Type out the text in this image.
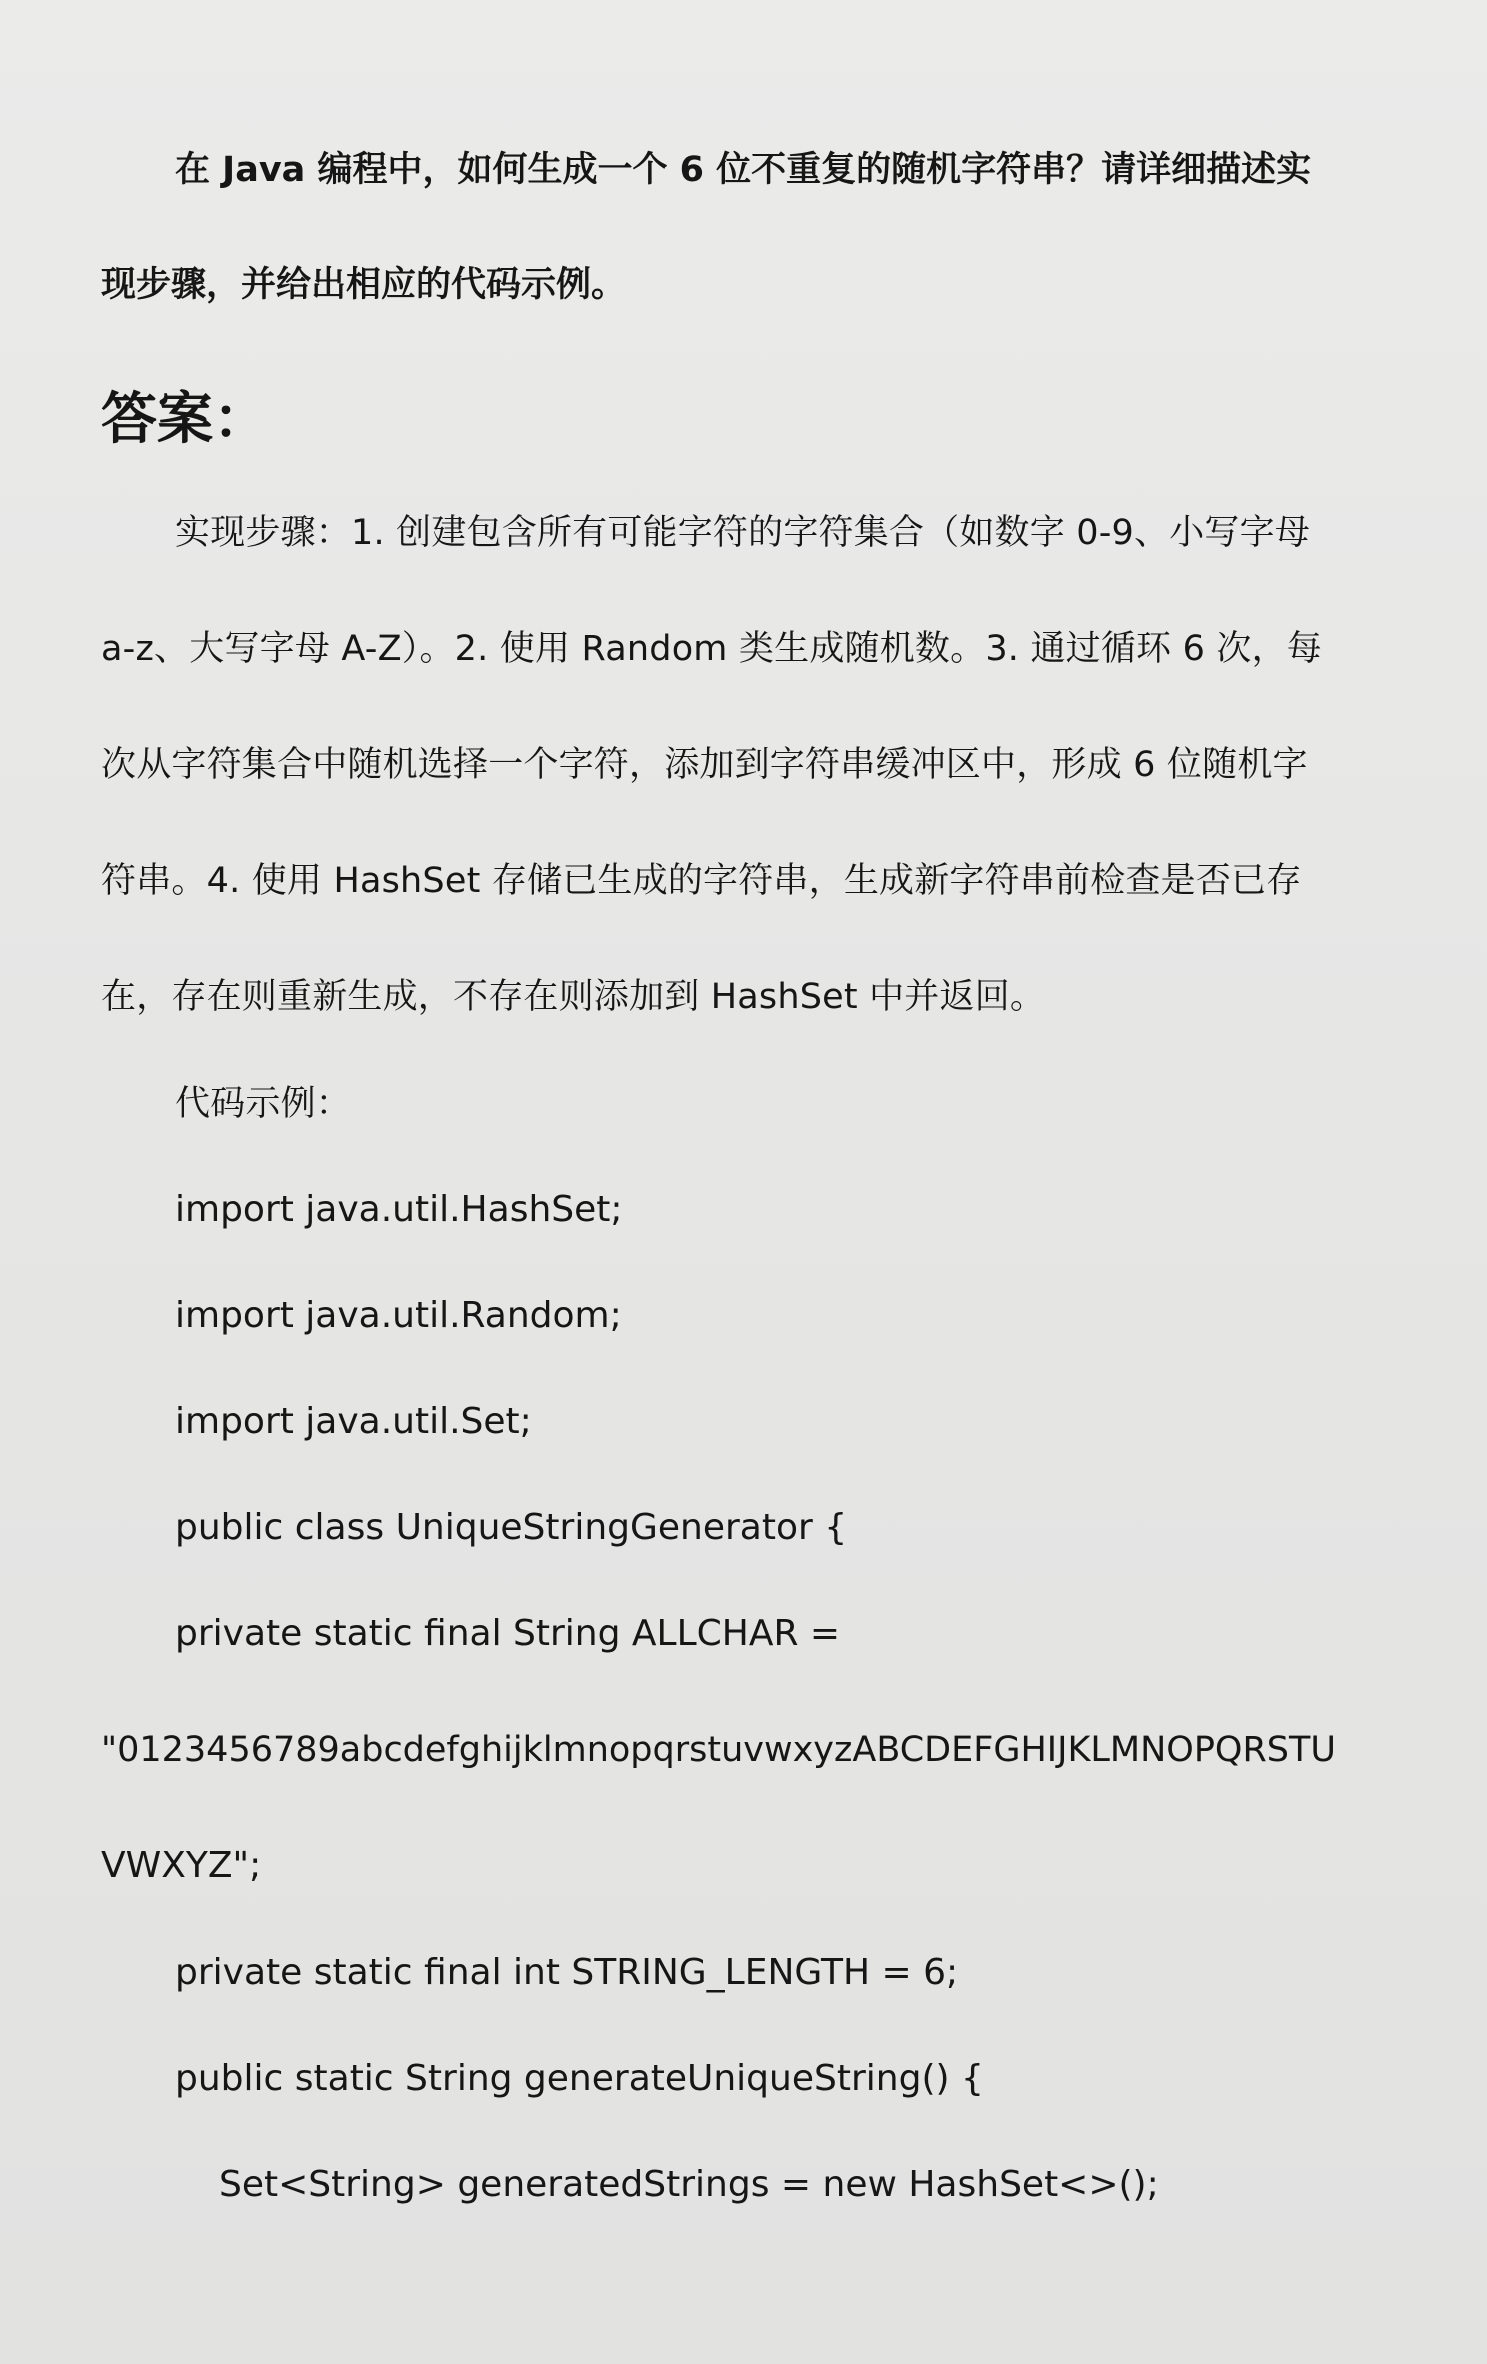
在 Java 编程中，如何生成一个 6 位不重复的随机字符串？请详细描述实
现步骤，并给出相应的代码示例。
答案：
实现步骤：1. 创建包含所有可能字符的字符集合（如数字 0-9、小写字母
a-z、大写字母 A-Z）。2. 使用 Random 类生成随机数。3. 通过循环 6 次，每
次从字符集合中随机选择一个字符，添加到字符串缓冲区中，形成 6 位随机字
符串。4. 使用 HashSet 存储已生成的字符串，生成新字符串前检查是否已存
在，存在则重新生成，不存在则添加到 HashSet 中并返回。
代码示例：
import java.util.HashSet;
import java.util.Random;
import java.util.Set;
public class UniqueStringGenerator {
private static final String ALLCHAR =
"0123456789abcdefghijklmnopqrstuvwxyzABCDEFGHIJKLMNOPQRSTU
VWXYZ";
private static final int STRING_LENGTH = 6;
public static String generateUniqueString() {
Set<String> generatedStrings = new HashSet<>();
